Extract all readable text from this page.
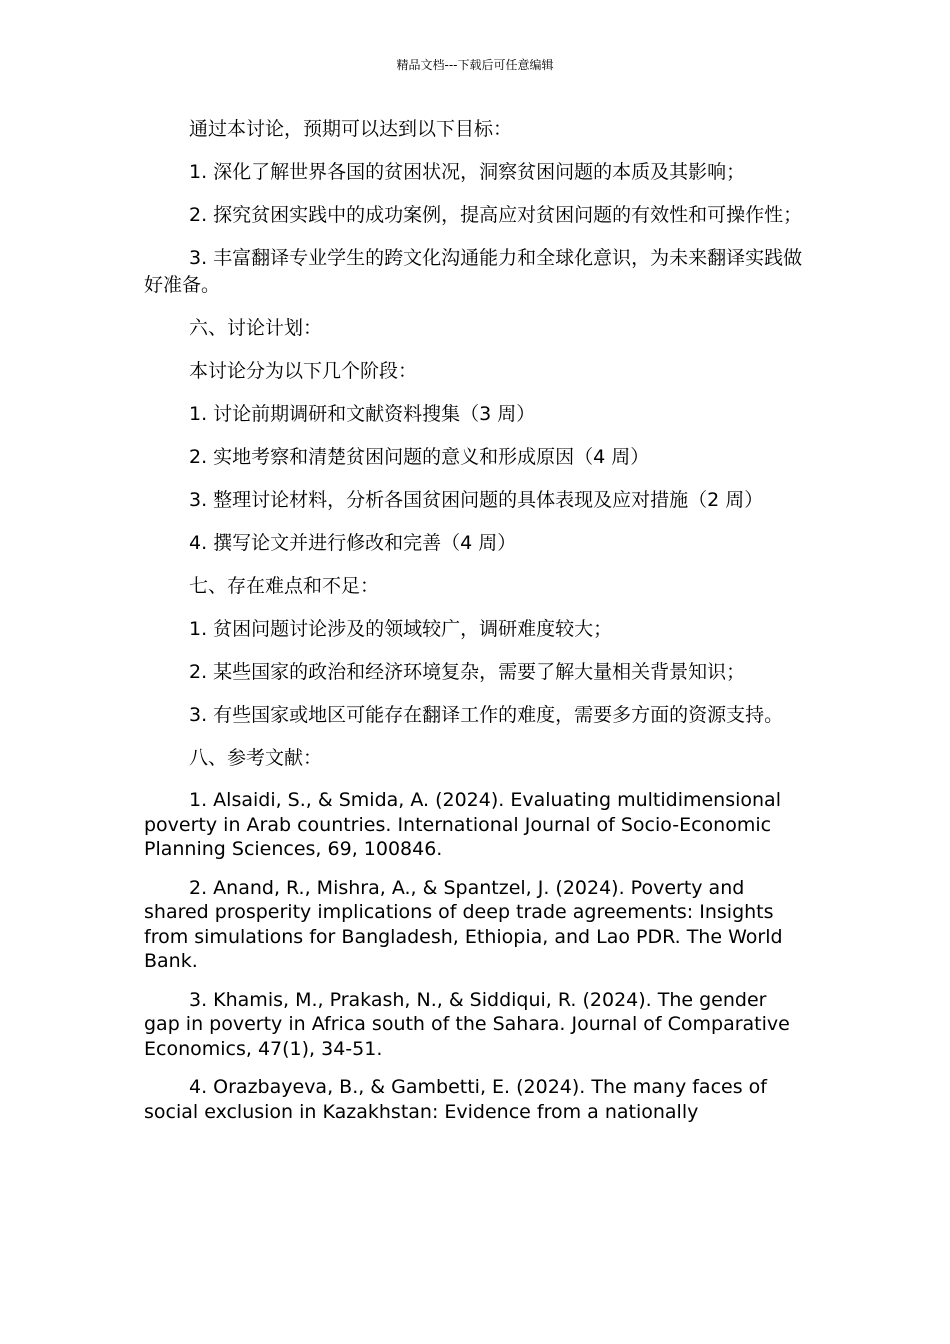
精品文档---下载后可任意编辑

通过本讨论，预期可以达到以下目标：

1. 深化了解世界各国的贫困状况，洞察贫困问题的本质及其影响；

2. 探究贫困实践中的成功案例，提高应对贫困问题的有效性和可操作性；

3. 丰富翻译专业学生的跨文化沟通能力和全球化意识，为未来翻译实践做好准备。

六、讨论计划：

本讨论分为以下几个阶段：

1. 讨论前期调研和文献资料搜集（3 周）

2. 实地考察和清楚贫困问题的意义和形成原因（4 周）

3. 整理讨论材料，分析各国贫困问题的具体表现及应对措施（2 周）

4. 撰写论文并进行修改和完善（4 周）

七、存在难点和不足：

1. 贫困问题讨论涉及的领域较广，调研难度较大；

2. 某些国家的政治和经济环境复杂，需要了解大量相关背景知识；

3. 有些国家或地区可能存在翻译工作的难度，需要多方面的资源支持。

八、参考文献：

1. Alsaidi, S., & Smida, A. (2024). Evaluating multidimensional poverty in Arab countries. International Journal of Socio-Economic Planning Sciences, 69, 100846.

2. Anand, R., Mishra, A., & Spantzel, J. (2024). Poverty and shared prosperity implications of deep trade agreements: Insights from simulations for Bangladesh, Ethiopia, and Lao PDR. The World Bank.

3. Khamis, M., Prakash, N., & Siddiqui, R. (2024). The gender gap in poverty in Africa south of the Sahara. Journal of Comparative Economics, 47(1), 34-51.

4. Orazbayeva, B., & Gambetti, E. (2024). The many faces of social exclusion in Kazakhstan: Evidence from a nationally
